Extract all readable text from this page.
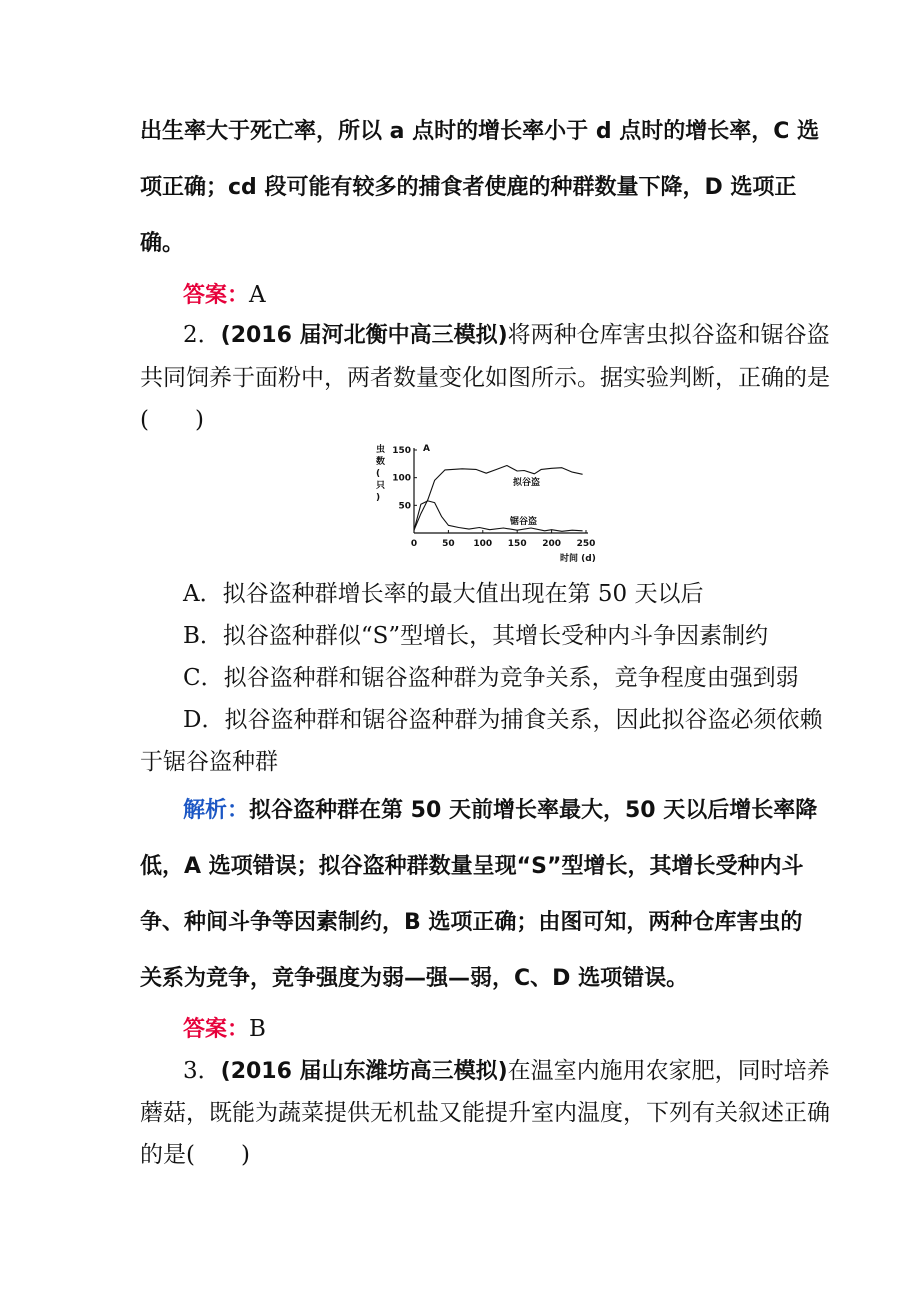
出生率大于死亡率，所以 a 点时的增长率小于 d 点时的增长率，C 选
项正确；cd 段可能有较多的捕食者使鹿的种群数量下降，D 选项正
确。
答案：A
2．(2016 届河北衡中高三模拟)将两种仓库害虫拟谷盗和锯谷盗
共同饲养于面粉中，两者数量变化如图所示。据实验判断，正确的是
(　　)
虫
数
(
只
)
A
50
100
150
0	50 100 150 200 250
拟谷盗
锯谷盗
时间 (d)
A．拟谷盗种群增长率的最大值出现在第 50 天以后
B．拟谷盗种群似“S”型增长，其增长受种内斗争因素制约
C．拟谷盗种群和锯谷盗种群为竞争关系，竞争程度由强到弱
D．拟谷盗种群和锯谷盗种群为捕食关系，因此拟谷盗必须依赖
于锯谷盗种群
解析：拟谷盗种群在第 50 天前增长率最大，50 天以后增长率降
低，A 选项错误；拟谷盗种群数量呈现“S”型增长，其增长受种内斗
争、种间斗争等因素制约，B 选项正确；由图可知，两种仓库害虫的
关系为竞争，竞争强度为弱—强—弱，C、D 选项错误。
答案：B
3．(2016 届山东潍坊高三模拟)在温室内施用农家肥，同时培养
蘑菇，既能为蔬菜提供无机盐又能提升室内温度，下列有关叙述正确
的是(　　)
